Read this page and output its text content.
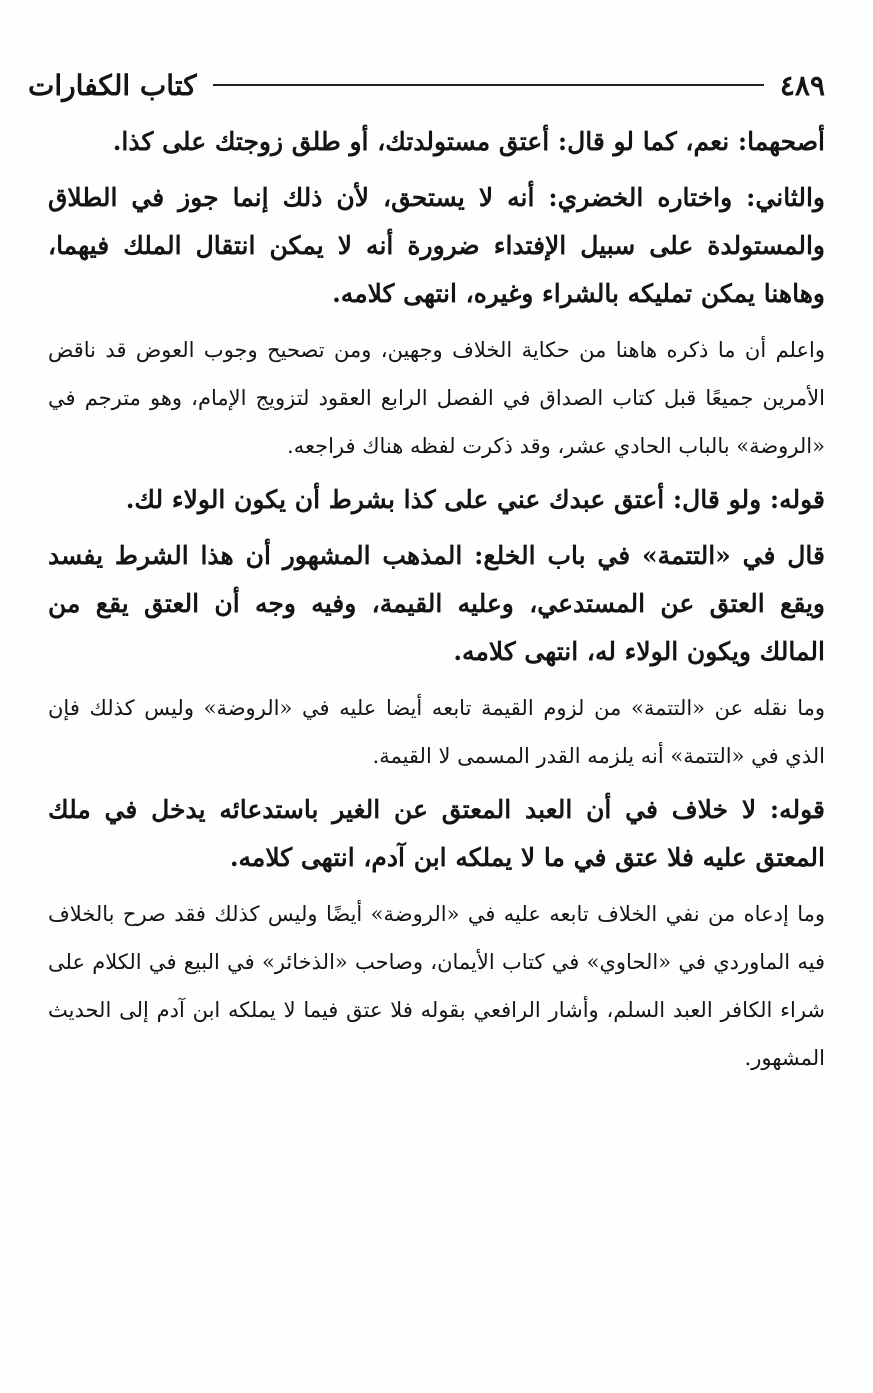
كتاب الكفارات	٤٨٩

أصحهما: نعم، كما لو قال: أعتق مستولدتك، أو طلق زوجتك على كذا.

والثاني: واختاره الخضري: أنه لا يستحق، لأن ذلك إنما جوز في الطلاق والمستولدة على سبيل الإفتداء ضرورة أنه لا يمكن انتقال الملك فيهما، وهاهنا يمكن تمليكه بالشراء وغيره، انتهى كلامه.

واعلم أن ما ذكره هاهنا من حكاية الخلاف وجهين، ومن تصحيح وجوب العوض قد ناقض الأمرين جميعًا قبل كتاب الصداق في الفصل الرابع العقود لتزويج الإمام، وهو مترجم في «الروضة» بالباب الحادي عشر، وقد ذكرت لفظه هناك فراجعه.

قوله: ولو قال: أعتق عبدك عني على كذا بشرط أن يكون الولاء لك.

قال في «التتمة» في باب الخلع: المذهب المشهور أن هذا الشرط يفسد ويقع العتق عن المستدعي، وعليه القيمة، وفيه وجه أن العتق يقع من المالك ويكون الولاء له، انتهى كلامه.

وما نقله عن «التتمة» من لزوم القيمة تابعه أيضا عليه في «الروضة» وليس كذلك فإن الذي في «التتمة» أنه يلزمه القدر المسمى لا القيمة.

قوله: لا خلاف في أن العبد المعتق عن الغير باستدعائه يدخل في ملك المعتق عليه فلا عتق في ما لا يملكه ابن آدم، انتهى كلامه.

وما إدعاه من نفي الخلاف تابعه عليه في «الروضة» أيضًا وليس كذلك فقد صرح بالخلاف فيه الماوردي في «الحاوي» في كتاب الأيمان، وصاحب «الذخائر» في البيع في الكلام على شراء الكافر العبد السلم، وأشار الرافعي بقوله فلا عتق فيما لا يملكه ابن آدم إلى الحديث المشهور.
